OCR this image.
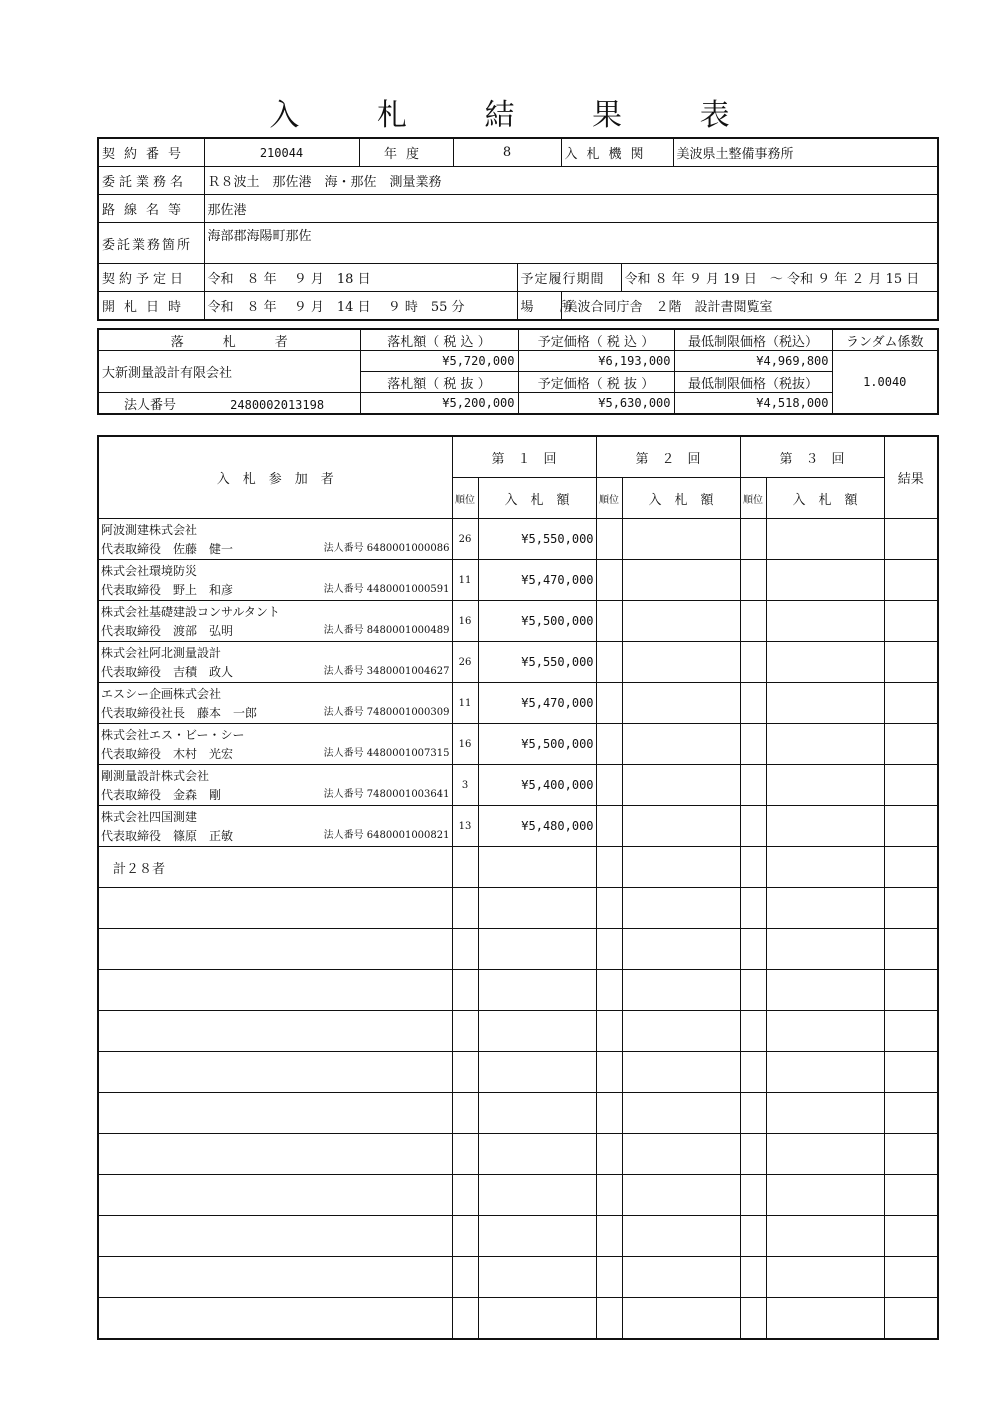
入 札 結 果 表
契約番号	210044	年度	8		入札機関		美波県土整備事務所
委託業務名	Ｒ８波土　那佐港　海・那佐　測量業務						
路線名等	那佐港						
委託業務箇所	海部郡海陽町那佐						
契約予定日	令和　８ 年　 ９ 月　18 日			予定履行期間		令和 ８ 年 ９ 月 19 日　～ 令和 ９ 年 ２ 月 15 日	
開札日時	令和　８ 年　 ９ 月　14 日　 ９ 時　55 分			場　　所	美波合同庁舎　２階　設計書閲覧室		
落　　　札　　　者	落札額（ 税 込 ）	予定価格（ 税 込 ）	最低制限価格（税込）	ランダム係数
大新測量設計有限会社	¥5,720,000	¥6,193,000	¥4,969,800	1.0040
	落札額（ 税 抜 ）	予定価格（ 税 抜 ）	最低制限価格（税抜）	
法人番号 2480002013198	¥5,200,000	¥5,630,000	¥4,518,000	
入　札　参　加　者	第　１　回		第　２　回		第　３　回		結果
	順位	入　札　額	順位	入　札　額	順位	入　札　額	

阿波測建株式会社
代表取締役　佐藤　健一 法人番号 6480001000086	26	¥5,550,000					

株式会社環境防災
代表取締役　野上　和彦 法人番号 4480001000591	11	¥5,470,000					

株式会社基礎建設コンサルタント
代表取締役　渡部　弘明 法人番号 8480001000489	16	¥5,500,000					

株式会社阿北測量設計
代表取締役　吉積　政人 法人番号 3480001004627	26	¥5,550,000					

エスシー企画株式会社
代表取締役社長　藤本　一郎 法人番号 7480001000309	11	¥5,470,000					

株式会社エス・ビー・シー
代表取締役　木村　光宏 法人番号 4480001007315	16	¥5,500,000					

剛測量設計株式会社
代表取締役　金森　剛 法人番号 7480001003641	3	¥5,400,000					

株式会社四国測建
代表取締役　篠原　正敏 法人番号 6480001000821	13	¥5,480,000					
計２８者							
